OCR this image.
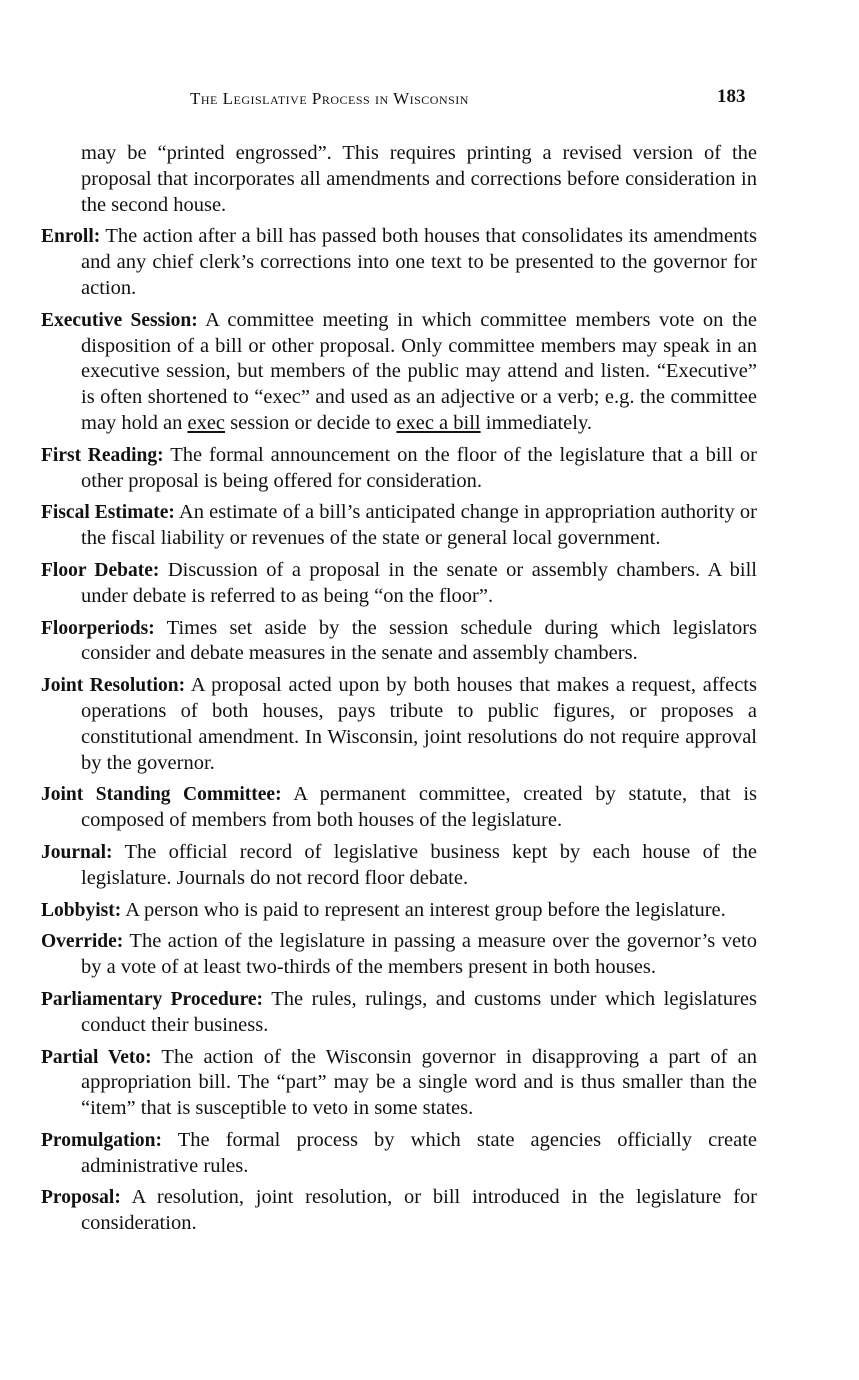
The Legislative Process in Wisconsin	183

may be “printed engrossed”. This requires printing a revised version of the proposal that incorporates all amendments and corrections before consideration in the second house.

Enroll: The action after a bill has passed both houses that consolidates its amendments and any chief clerk’s corrections into one text to be presented to the governor for action.

Executive Session: A committee meeting in which committee members vote on the disposition of a bill or other proposal. Only committee members may speak in an executive session, but members of the public may attend and listen. “Executive” is often shortened to “exec” and used as an adjective or a verb; e.g. the committee may hold an exec session or decide to exec a bill immediately.

First Reading: The formal announcement on the floor of the legislature that a bill or other proposal is being offered for consideration.

Fiscal Estimate: An estimate of a bill’s anticipated change in appropriation authority or the fiscal liability or revenues of the state or general local government.

Floor Debate: Discussion of a proposal in the senate or assembly chambers. A bill under debate is referred to as being “on the floor”.

Floorperiods: Times set aside by the session schedule during which legislators consider and debate measures in the senate and assembly chambers.

Joint Resolution: A proposal acted upon by both houses that makes a request, affects operations of both houses, pays tribute to public figures, or proposes a constitutional amendment. In Wisconsin, joint resolutions do not require approval by the governor.

Joint Standing Committee: A permanent committee, created by statute, that is composed of members from both houses of the legislature.

Journal: The official record of legislative business kept by each house of the legislature. Journals do not record floor debate.

Lobbyist: A person who is paid to represent an interest group before the legislature.

Override: The action of the legislature in passing a measure over the governor’s veto by a vote of at least two-thirds of the members present in both houses.

Parliamentary Procedure: The rules, rulings, and customs under which legislatures conduct their business.

Partial Veto: The action of the Wisconsin governor in disapproving a part of an appropriation bill. The “part” may be a single word and is thus smaller than the “item” that is susceptible to veto in some states.

Promulgation: The formal process by which state agencies officially create administrative rules.

Proposal: A resolution, joint resolution, or bill introduced in the legislature for consideration.
